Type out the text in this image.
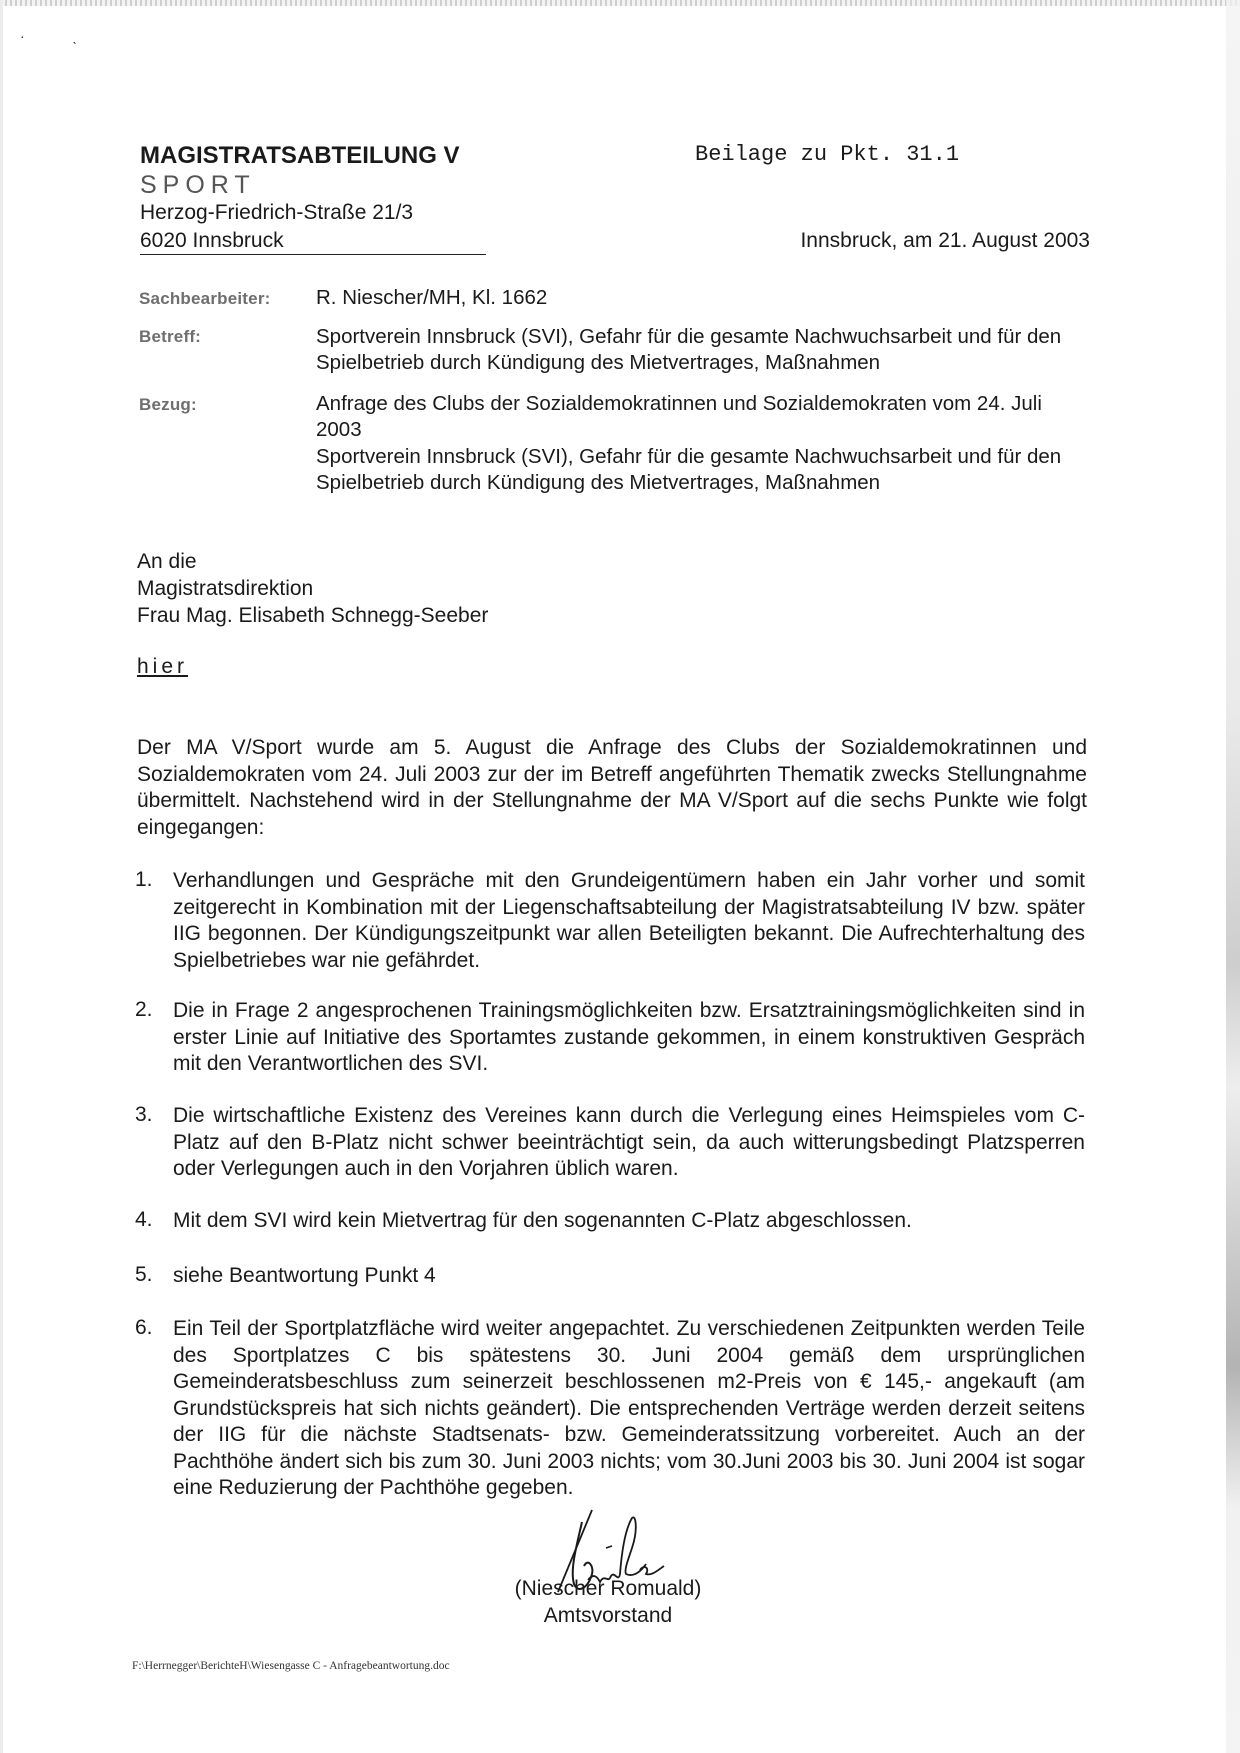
· ˎ
MAGISTRATSABTEILUNG V
SPORT
Herzog-Friedrich-Straße 21/3
6020 Innsbruck
Beilage zu Pkt. 31.1
Innsbruck, am 21. August 2003
Sachbearbeiter: R. Niescher/MH, Kl. 1662
Betreff:	Sportverein Innsbruck (SVI), Gefahr für die gesamte Nachwuchsarbeit und für den Spielbetrieb durch Kündigung des Mietvertrages, Maßnahmen
Bezug:	Anfrage des Clubs der Sozialdemokratinnen und Sozialdemokraten vom 24. Juli 2003
Sportverein Innsbruck (SVI), Gefahr für die gesamte Nachwuchsarbeit und für den Spielbetrieb durch Kündigung des Mietvertrages, Maßnahmen
An die
Magistratsdirektion
Frau Mag. Elisabeth Schnegg-Seeber
hier
Der MA V/Sport wurde am 5. August die Anfrage des Clubs der Sozialdemokratinnen und Sozialdemokraten vom 24. Juli 2003 zur der im Betreff angeführten Thematik zwecks Stellungnahme übermittelt. Nachstehend wird in der Stellungnahme der MA V/Sport auf die sechs Punkte wie folgt eingegangen:
1. Verhandlungen und Gespräche mit den Grundeigentümern haben ein Jahr vorher und somit zeitgerecht in Kombination mit der Liegenschaftsabteilung der Magistratsabteilung IV bzw. später IIG begonnen. Der Kündigungszeitpunkt war allen Beteiligten bekannt. Die Aufrechterhaltung des Spielbetriebes war nie gefährdet.
2. Die in Frage 2 angesprochenen Trainingsmöglichkeiten bzw. Ersatztrainingsmöglichkeiten sind in erster Linie auf Initiative des Sportamtes zustande gekommen, in einem konstruktiven Gespräch mit den Verantwortlichen des SVI.
3. Die wirtschaftliche Existenz des Vereines kann durch die Verlegung eines Heimspieles vom C-Platz auf den B-Platz nicht schwer beeinträchtigt sein, da auch witterungsbedingt Platzsperren oder Verlegungen auch in den Vorjahren üblich waren.
4. Mit dem SVI wird kein Mietvertrag für den sogenannten C-Platz abgeschlossen.
5. siehe Beantwortung Punkt 4
6. Ein Teil der Sportplatzfläche wird weiter angepachtet. Zu verschiedenen Zeitpunkten werden Teile des Sportplatzes C bis spätestens 30. Juni 2004 gemäß dem ursprünglichen Gemeinderatsbeschluss zum seinerzeit beschlossenen m2-Preis von € 145,- angekauft (am Grundstückspreis hat sich nichts geändert). Die entsprechenden Verträge werden derzeit seitens der IIG für die nächste Stadtsenats- bzw. Gemeinderatssitzung vorbereitet. Auch an der Pachthöhe ändert sich bis zum 30. Juni 2003 nichts; vom 30.Juni 2003 bis 30. Juni 2004 ist sogar eine Reduzierung der Pachthöhe gegeben.
(Niescher Romuald)
Amtsvorstand
F:\Herrnegger\BerichteH\Wiesengasse C - Anfragebeantwortung.doc
